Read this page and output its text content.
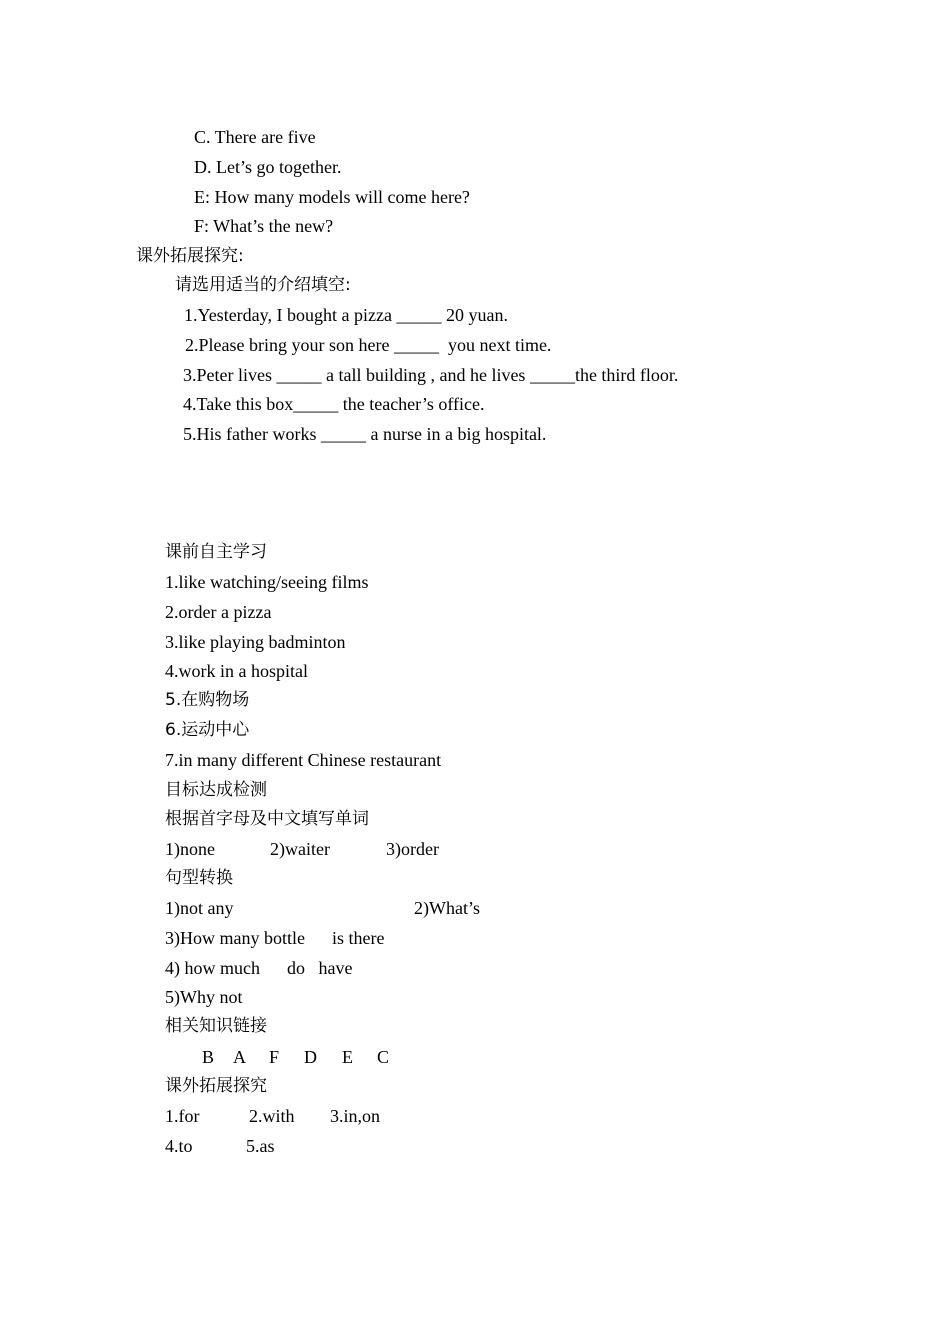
C. There are five
D. Let’s go together.
E: How many models will come here?
F: What’s the new?
课外拓展探究:
请选用适当的介绍填空:
1.Yesterday, I bought a pizza _____ 20 yuan.
2.Please bring your son here _____  you next time.
3.Peter lives _____ a tall building , and he lives _____the third floor.
4.Take this box_____ the teacher’s office.
5.His father works _____ a nurse in a big hospital.
课前自主学习
1.like watching/seeing films
2.order a pizza
3.like playing badminton
4.work in a hospital
5.在购物场
6.运动中心
7.in many different Chinese restaurant
目标达成检测
根据首字母及中文填写单词
1)none	2)waiter	3)order
句型转换
1)not any	2)What’s
3)How many bottle      is there
4) how much      do   have
5)Why not
相关知识链接
B A F D E C
课外拓展探究
1.for	2.with 3.in,on
4.to	5.as
